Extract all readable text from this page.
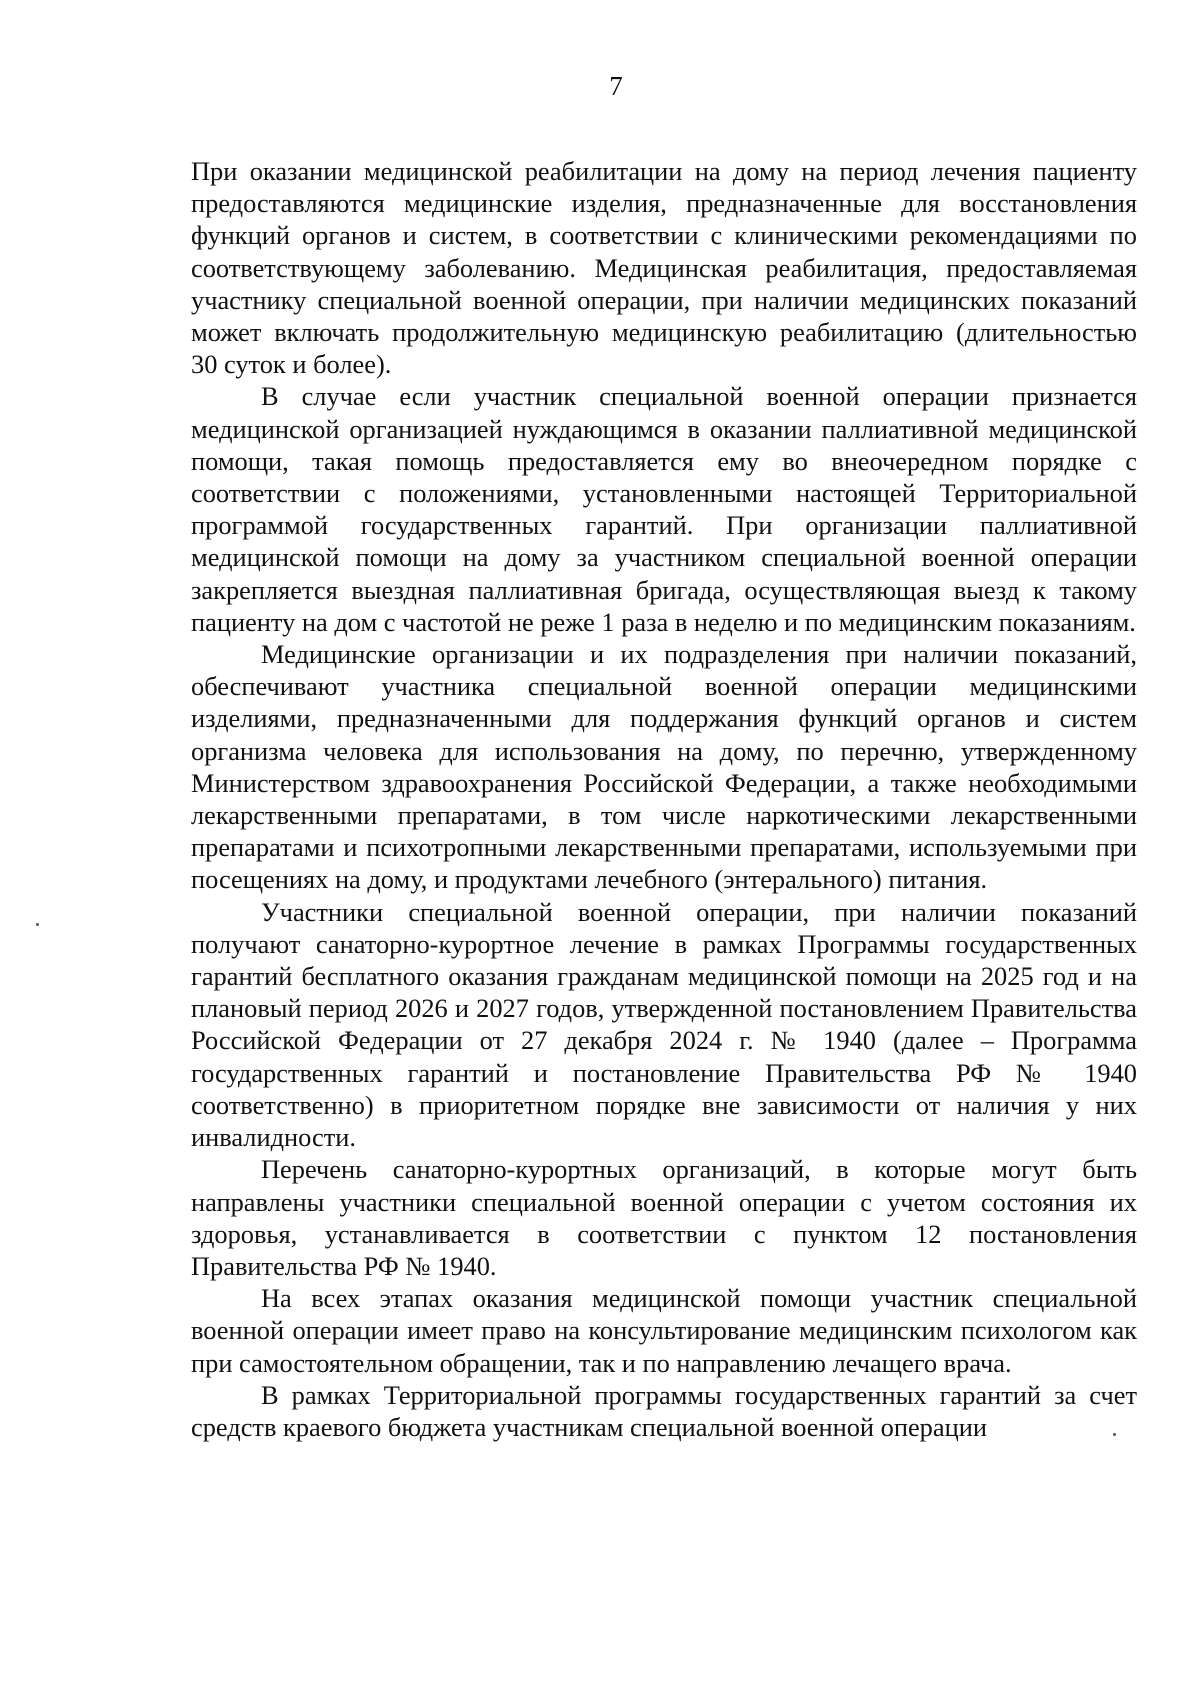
7

При оказании медицинской реабилитации на дому на период лечения пациенту предоставляются медицинские изделия, предназначенные для восстановления функций органов и систем, в соответствии с клиническими рекомендациями по соответствующему заболеванию. Медицинская реабилитация, предоставляемая участнику специальной военной операции, при наличии медицинских показаний может включать продолжительную медицинскую реабилитацию (длительностью 30 суток и более).

В случае если участник специальной военной операции признается медицинской организацией нуждающимся в оказании паллиативной медицинской помощи, такая помощь предоставляется ему во внеочередном порядке с соответствии с положениями, установленными настоящей Территориальной программой государственных гарантий. При организации паллиативной медицинской помощи на дому за участником специальной военной операции закрепляется выездная паллиативная бригада, осуществляющая выезд к такому пациенту на дом с частотой не реже 1 раза в неделю и по медицинским показаниям.

Медицинские организации и их подразделения при наличии показаний, обеспечивают участника специальной военной операции медицинскими изделиями, предназначенными для поддержания функций органов и систем организма человека для использования на дому, по перечню, утвержденному Министерством здравоохранения Российской Федерации, а также необходимыми лекарственными препаратами, в том числе наркотическими лекарственными препаратами и психотропными лекарственными препаратами, используемыми при посещениях на дому, и продуктами лечебного (энтерального) питания.

Участники специальной военной операции, при наличии показаний получают санаторно-курортное лечение в рамках Программы государственных гарантий бесплатного оказания гражданам медицинской помощи на 2025 год и на плановый период 2026 и 2027 годов, утвержденной постановлением Правительства Российской Федерации от 27 декабря 2024 г. № 1940 (далее – Программа государственных гарантий и постановление Правительства РФ № 1940 соответственно) в приоритетном порядке вне зависимости от наличия у них инвалидности.

Перечень санаторно-курортных организаций, в которые могут быть направлены участники специальной военной операции с учетом состояния их здоровья, устанавливается в соответствии с пунктом 12 постановления Правительства РФ № 1940.

На всех этапах оказания медицинской помощи участник специальной военной операции имеет право на консультирование медицинским психологом как при самостоятельном обращении, так и по направлению лечащего врача.

В рамках Территориальной программы государственных гарантий за счет средств краевого бюджета участникам специальной военной операции
